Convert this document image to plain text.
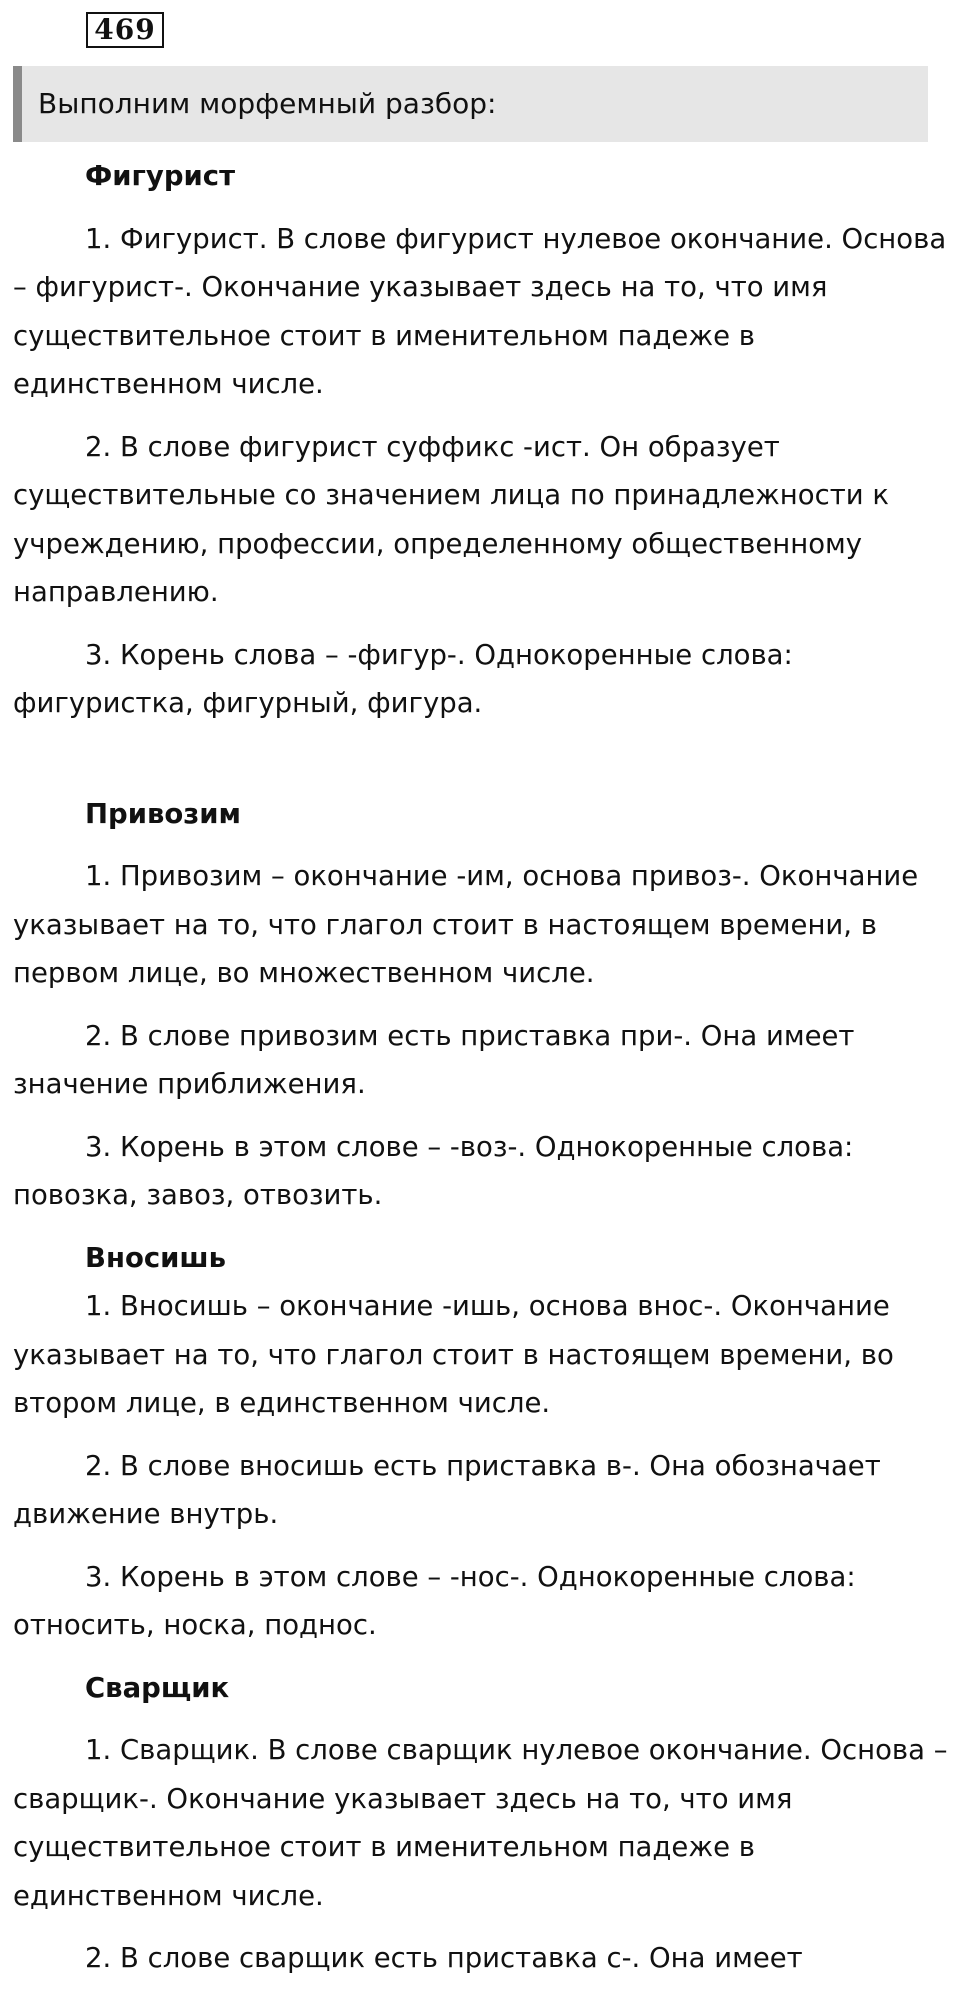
469
Выполним морфемный разбор:

Фигурист

1. Фигурист. В слове фигурист нулевое окончание. Основа – фигурист-. Окончание указывает здесь на то, что имя существительное стоит в именительном падеже в единственном числе.

2. В слове фигурист суффикс -ист. Он образует существительные со значением лица по принадлежности к учреждению, профессии, определенному общественному направлению.

3. Корень слова – -фигур-. Однокоренные слова: фигуристка, фигурный, фигура.

Привозим

1. Привозим – окончание -им, основа привоз-. Окончание указывает на то, что глагол стоит в настоящем времени, в первом лице, во множественном числе.

2. В слове привозим есть приставка при-. Она имеет значение приближения.

3. Корень в этом слове – -воз-. Однокоренные слова: повозка, завоз, отвозить.

Вносишь

1. Вносишь – окончание -ишь, основа внос-. Окончание указывает на то, что глагол стоит в настоящем времени, во втором лице, в единственном числе.

2. В слове вносишь есть приставка в-. Она обозначает движение внутрь.

3. Корень в этом слове – -нос-. Однокоренные слова: относить, носка, поднос.

Сварщик

1. Сварщик. В слове сварщик нулевое окончание. Основа – сварщик-. Окончание указывает здесь на то, что имя существительное стоит в именительном падеже в единственном числе.

2. В слове сварщик есть приставка с-. Она имеет
